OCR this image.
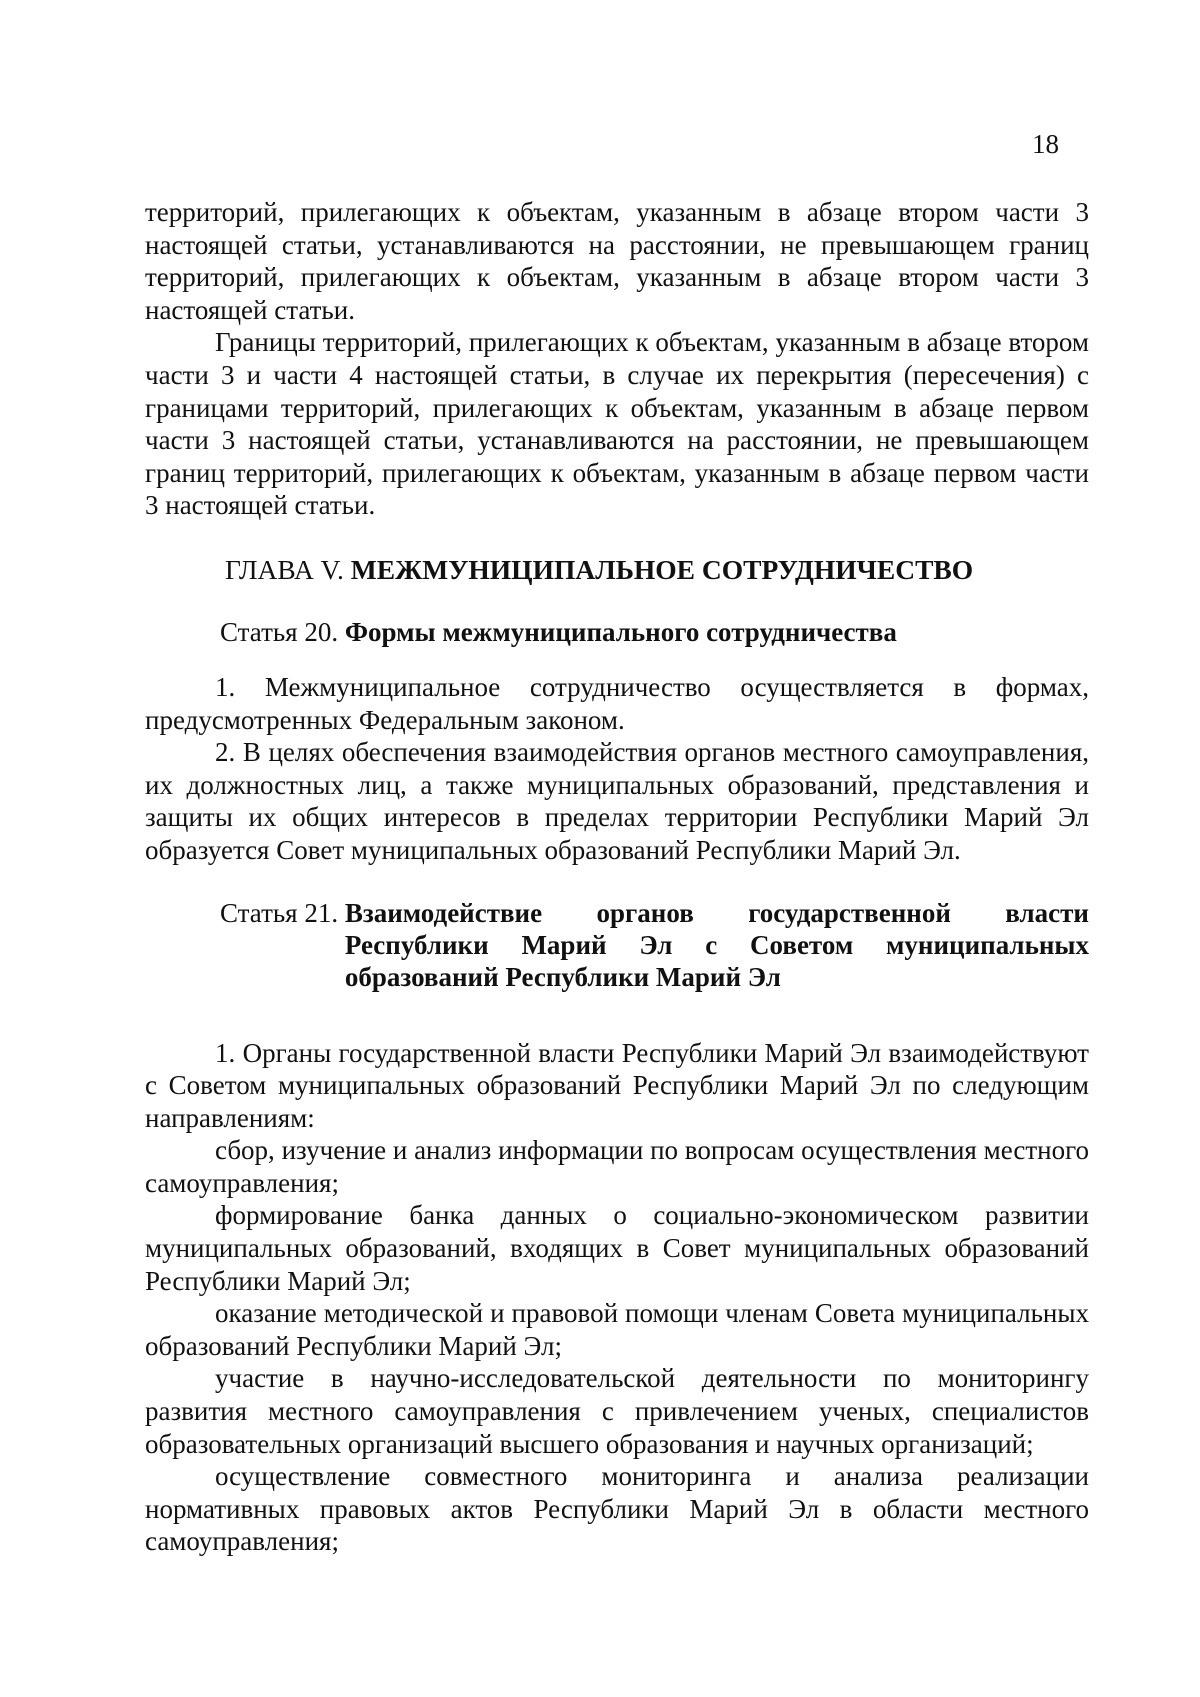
18

территорий, прилегающих к объектам, указанным в абзаце втором части 3 настоящей статьи, устанавливаются на расстоянии, не превышающем границ территорий, прилегающих к объектам, указанным в абзаце втором части 3 настоящей статьи.

Границы территорий, прилегающих к объектам, указанным в абзаце втором части 3 и части 4 настоящей статьи, в случае их перекрытия (пересечения) с границами территорий, прилегающих к объектам, указанным в абзаце первом части 3 настоящей статьи, устанавливаются на расстоянии, не превышающем границ территорий, прилегающих к объектам, указанным в абзаце первом части 3 настоящей статьи.

ГЛАВА V. МЕЖМУНИЦИПАЛЬНОЕ СОТРУДНИЧЕСТВО
Статья 20. Формы межмуниципального сотрудничества

1. Межмуниципальное сотрудничество осуществляется в формах, предусмотренных Федеральным законом.

2. В целях обеспечения взаимодействия органов местного самоуправления, их должностных лиц, а также муниципальных образований, представления и защиты их общих интересов в пределах территории Республики Марий Эл образуется Совет муниципальных образований Республики Марий Эл.

Статья 21. Взаимодействие органов государственной власти Республики Марий Эл с Советом муниципальных образований Республики Марий Эл

1. Органы государственной власти Республики Марий Эл взаимодействуют с Советом муниципальных образований Республики Марий Эл по следующим направлениям:

сбор, изучение и анализ информации по вопросам осуществления местного самоуправления;

формирование банка данных о социально-экономическом развитии муниципальных образований, входящих в Совет муниципальных образований Республики Марий Эл;

оказание методической и правовой помощи членам Совета муниципальных образований Республики Марий Эл;

участие в научно-исследовательской деятельности по мониторингу развития местного самоуправления с привлечением ученых, специалистов образовательных организаций высшего образования и научных организаций;

осуществление совместного мониторинга и анализа реализации нормативных правовых актов Республики Марий Эл в области местного самоуправления;
